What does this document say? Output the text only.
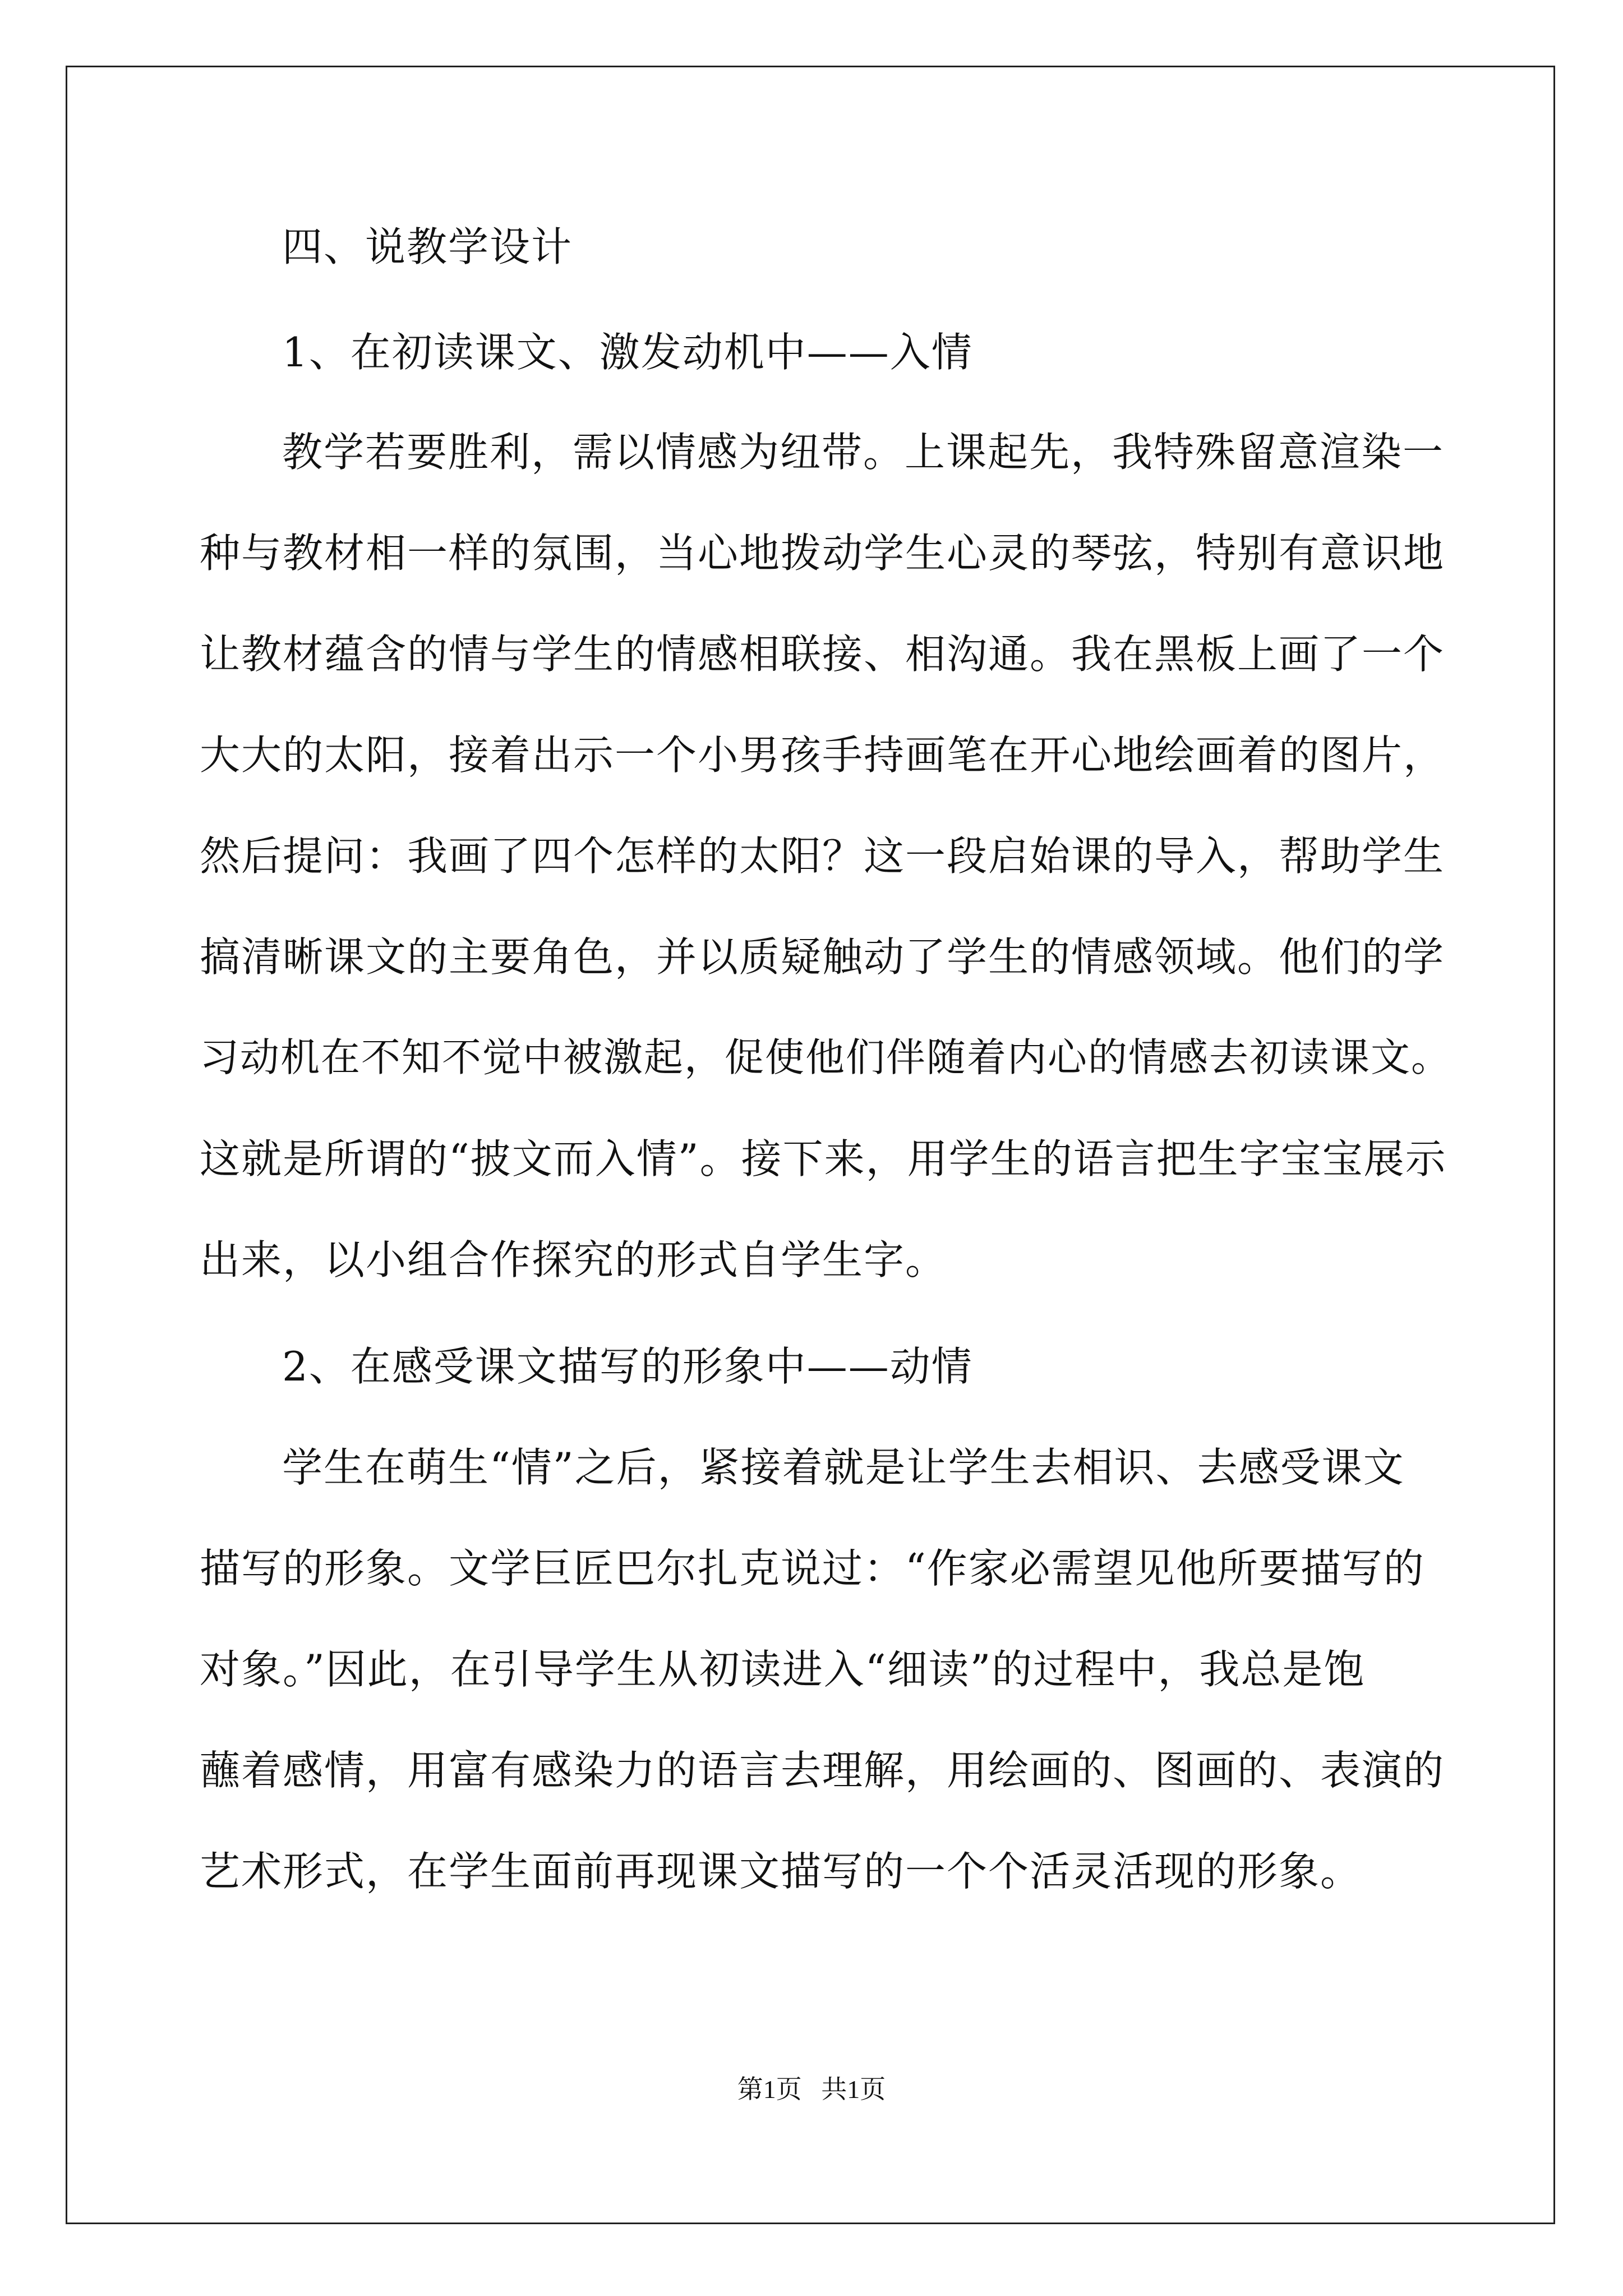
四、说教学设计
1、在初读课文、激发动机中——入情
教学若要胜利，需以情感为纽带。上课起先，我特殊留意渲染一
种与教材相一样的氛围，当心地拨动学生心灵的琴弦，特别有意识地
让教材蕴含的情与学生的情感相联接、相沟通。我在黑板上画了一个
大大的太阳，接着出示一个小男孩手持画笔在开心地绘画着的图片，
然后提问：我画了四个怎样的太阳？这一段启始课的导入，帮助学生
搞清晰课文的主要角色，并以质疑触动了学生的情感领域。他们的学
习动机在不知不觉中被激起，促使他们伴随着内心的情感去初读课文。
这就是所谓的“披文而入情”。接下来，用学生的语言把生字宝宝展示
出来，以小组合作探究的形式自学生字。
2、在感受课文描写的形象中——动情
学生在萌生“情”之后，紧接着就是让学生去相识、去感受课文
描写的形象。文学巨匠巴尔扎克说过：“作家必需望见他所要描写的
对象。”因此，在引导学生从初读进入“细读”的过程中，我总是饱
蘸着感情，用富有感染力的语言去理解，用绘画的、图画的、表演的
艺术形式，在学生面前再现课文描写的一个个活灵活现的形象。
第1页   共1页
